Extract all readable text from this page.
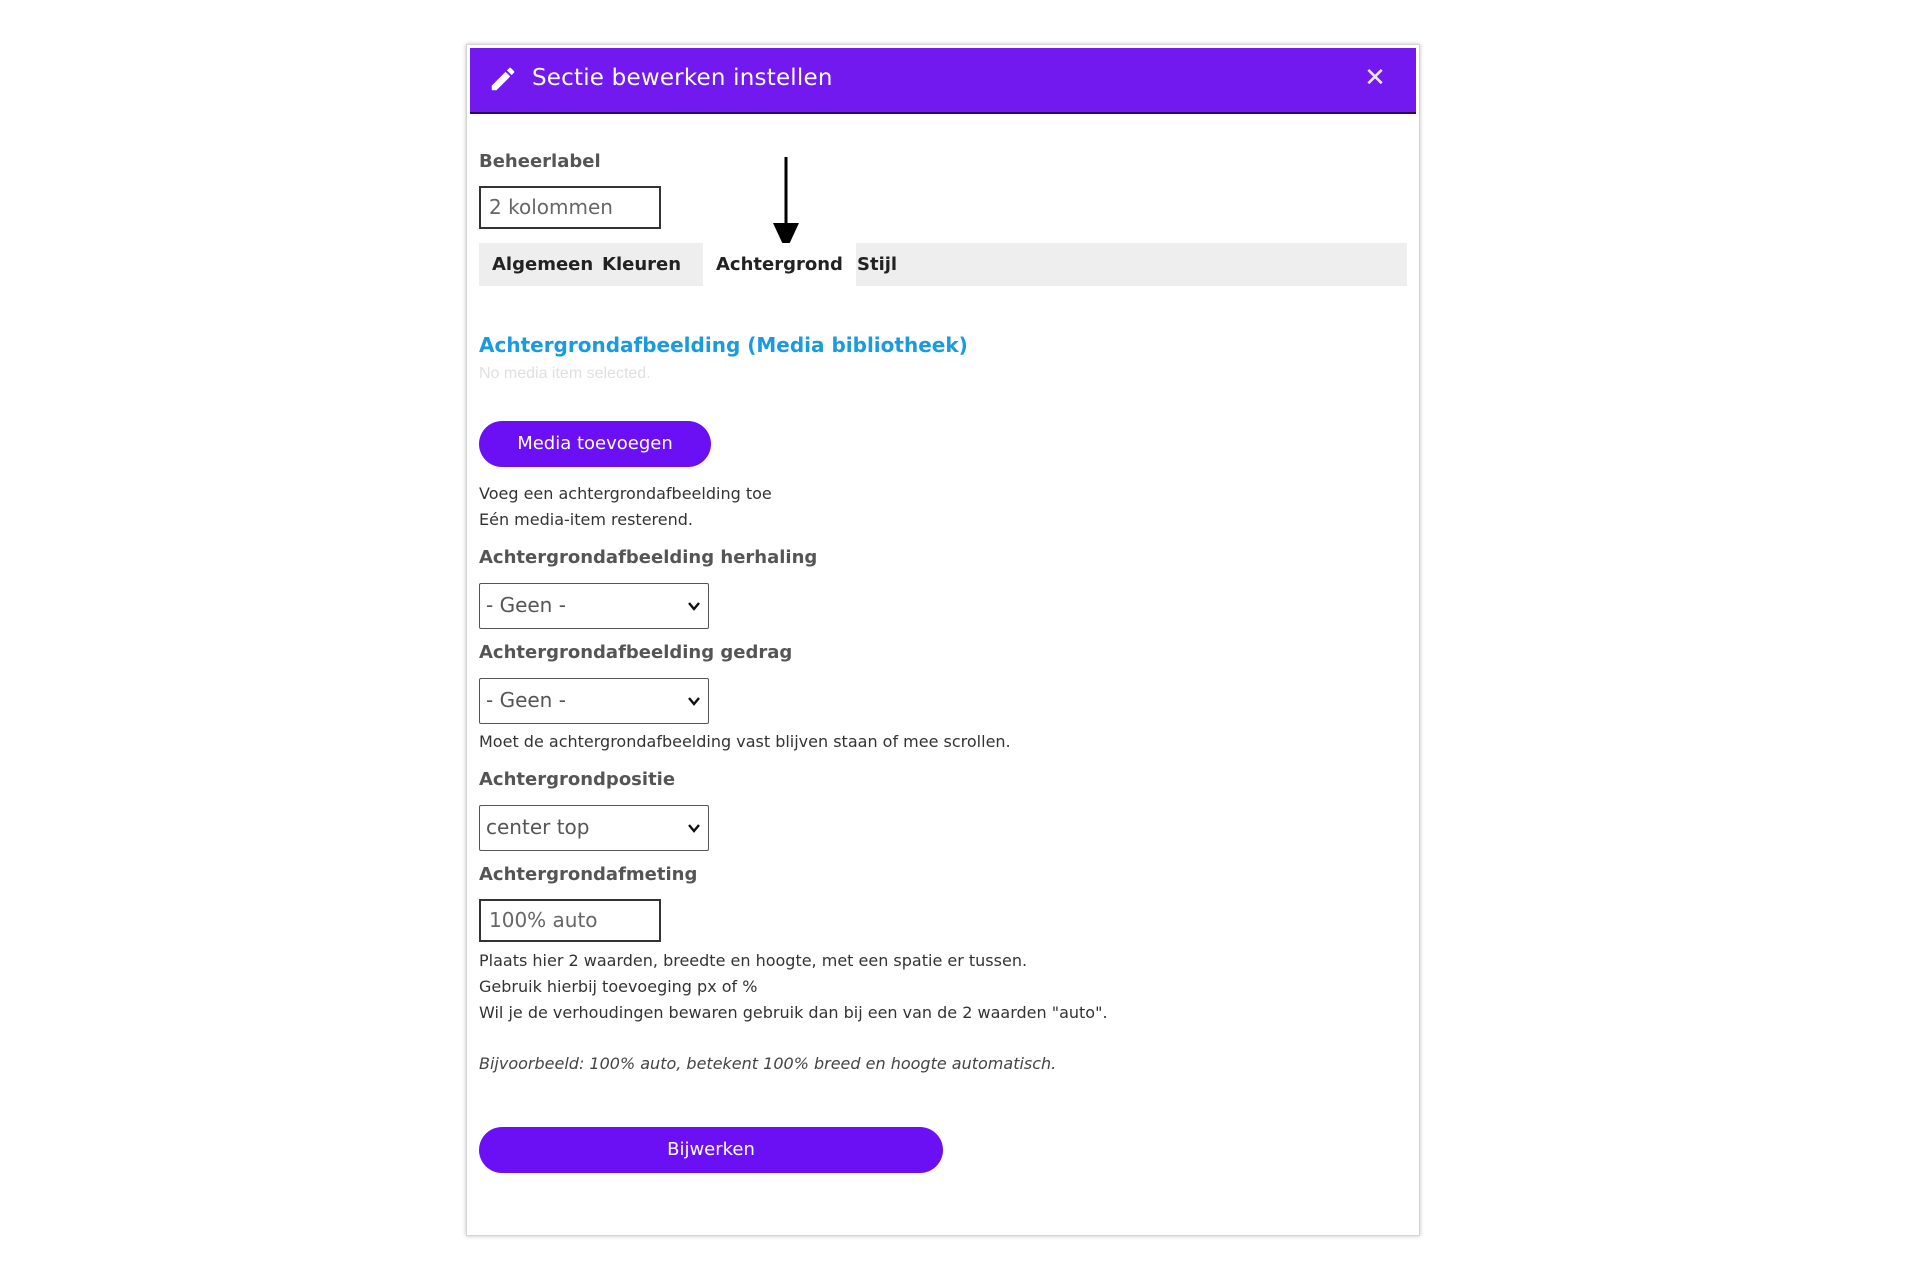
Sectie bewerken instellen	✕
Beheerlabel
2 kolommen
Algemeen Kleuren	Achtergrond Stijl
Achtergrondafbeelding (Media bibliotheek)
No media item selected.
Media toevoegen
Voeg een achtergrondafbeelding toe
Eén media-item resterend.
Achtergrondafbeelding herhaling
- Geen -
Achtergrondafbeelding gedrag
- Geen -
Moet de achtergrondafbeelding vast blijven staan of mee scrollen.
Achtergrondpositie
center top
Achtergrondafmeting
100% auto
Plaats hier 2 waarden, breedte en hoogte, met een spatie er tussen.
Gebruik hierbij toevoeging px of %
Wil je de verhoudingen bewaren gebruik dan bij een van de 2 waarden "auto".
Bijvoorbeeld: 100% auto, betekent 100% breed en hoogte automatisch.
Bijwerken
